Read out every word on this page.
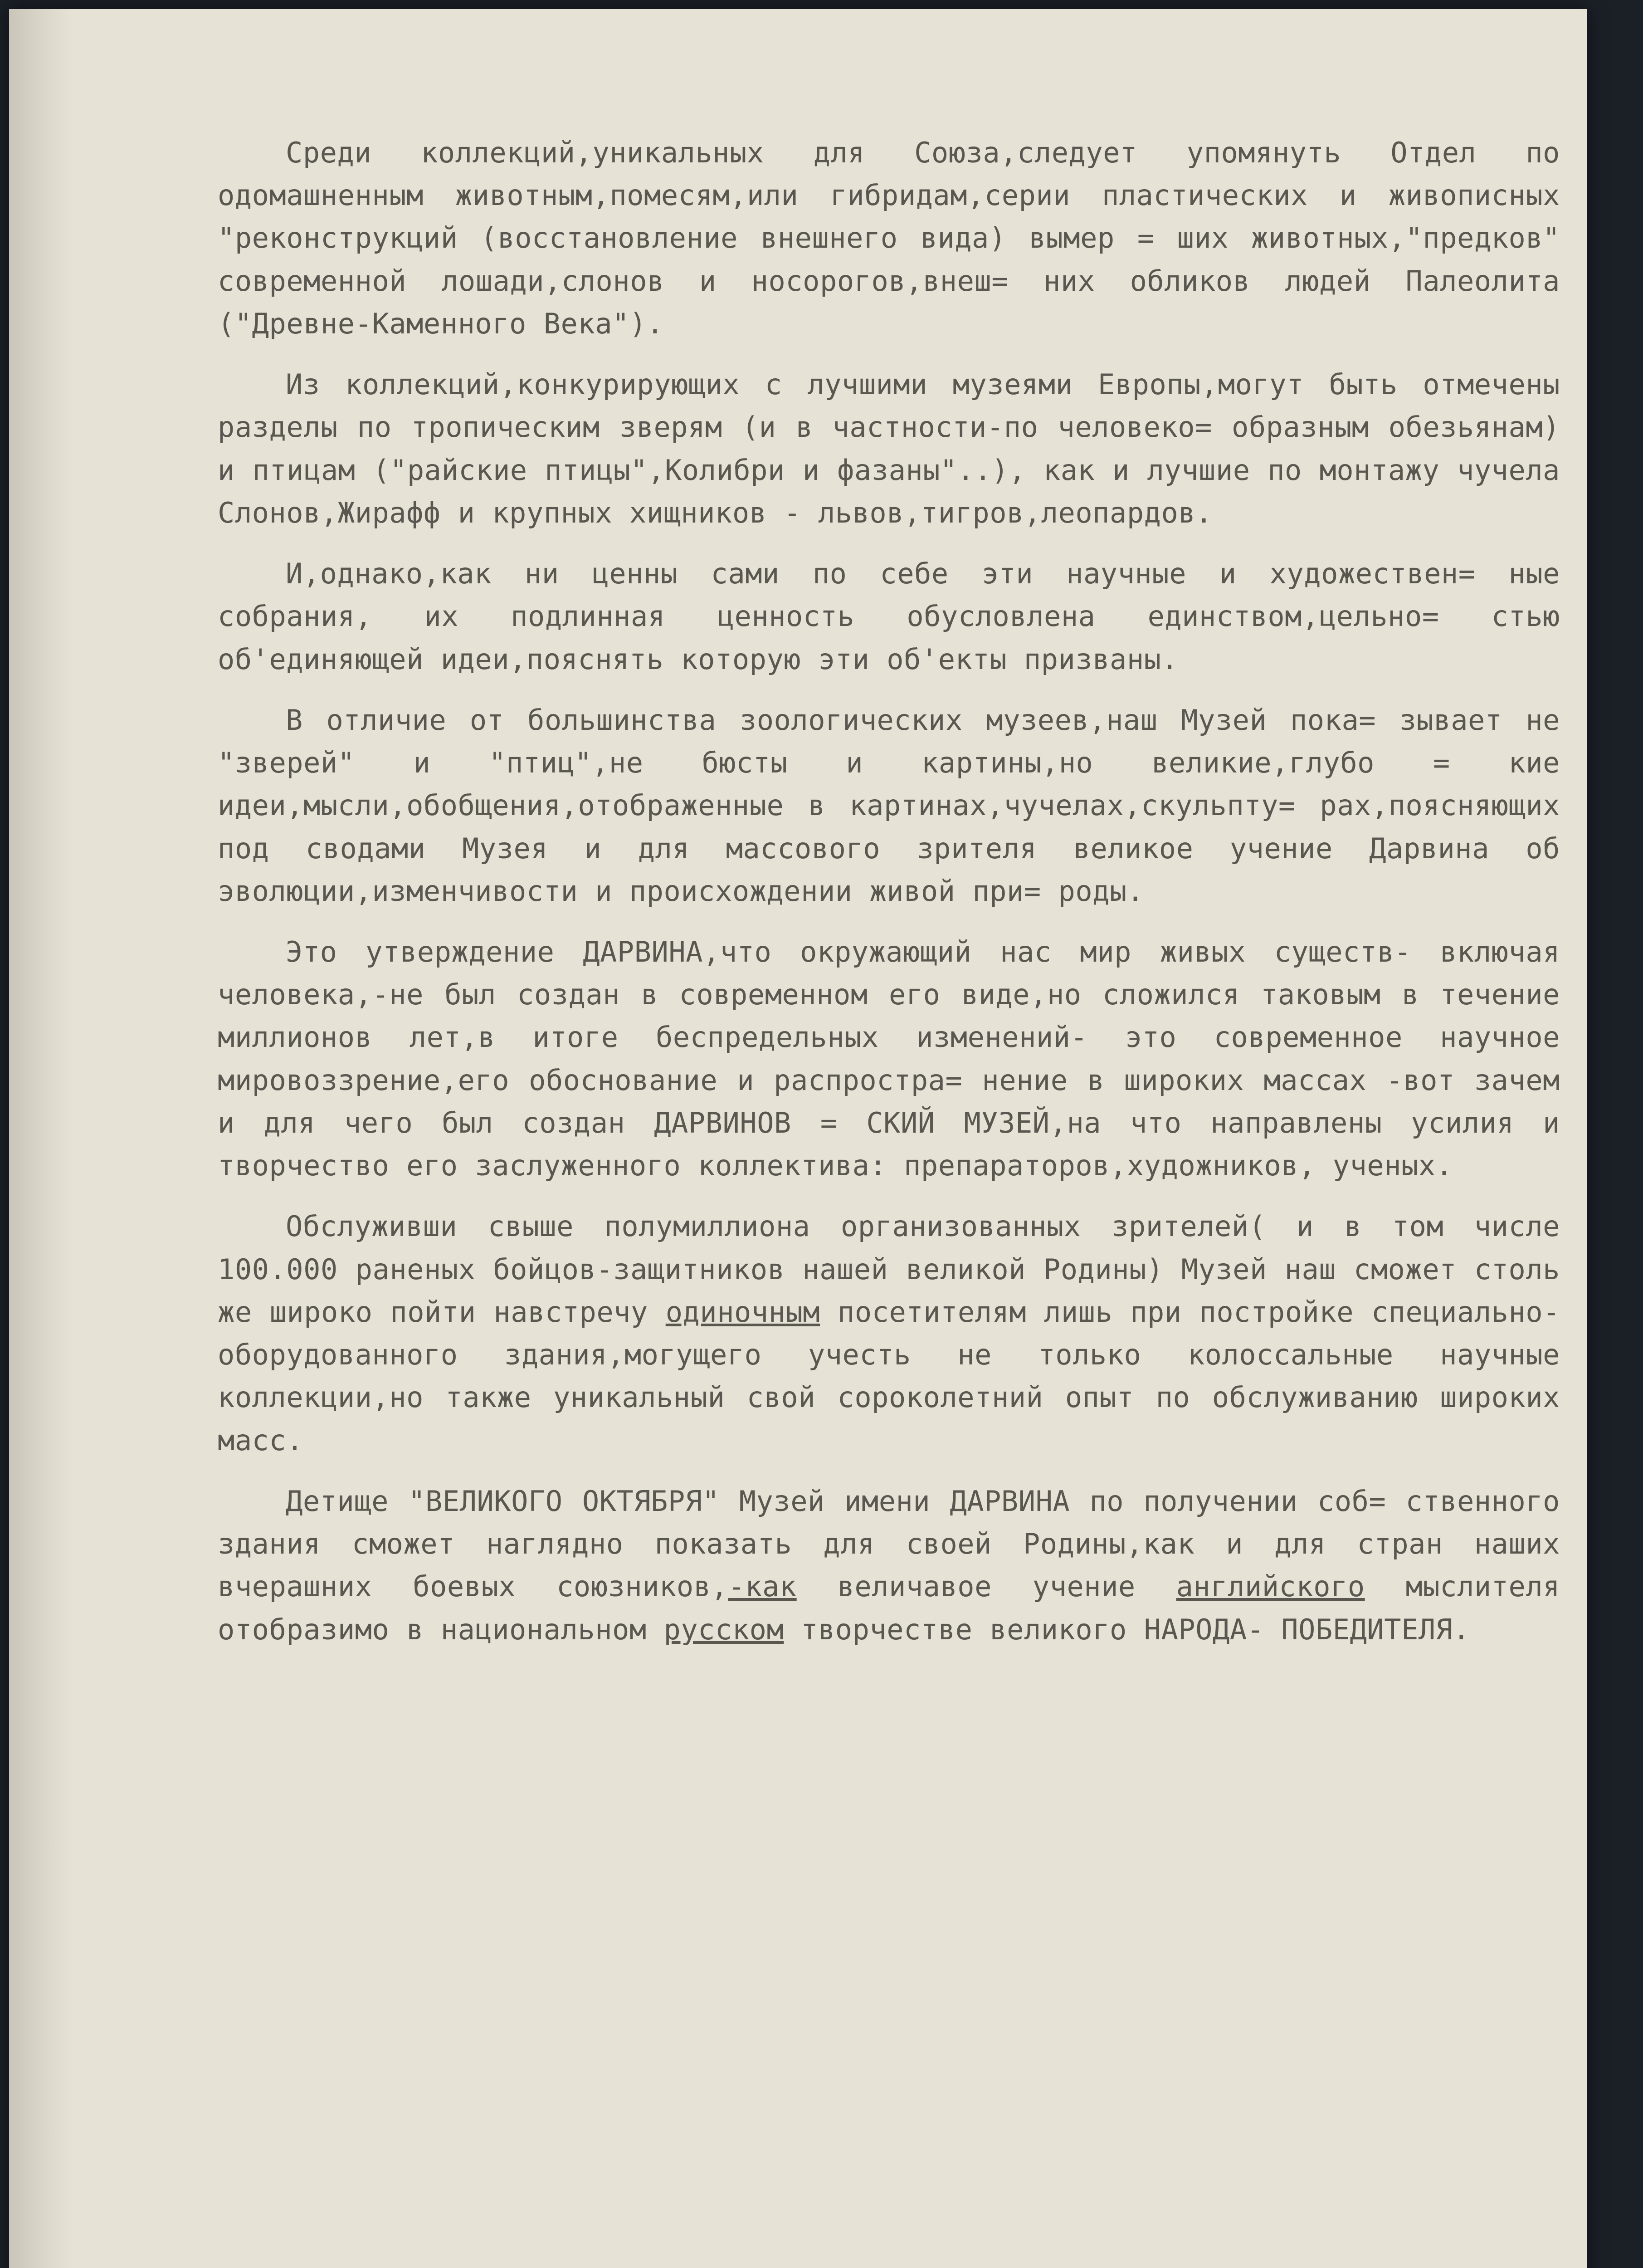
Среди коллекций,уникальных для Союза,следует упомянуть Отдел по одомашненным животным,помесям,или гибридам,серии пластических и живописных "реконструкций (восстановление внешнего вида) вымер = ших животных,"предков" современной лошади,слонов и носорогов,внеш= них обликов людей Палеолита ("Древне-Каменного Века").

Из коллекций,конкурирующих с лучшими музеями Европы,могут быть отмечены разделы по тропическим зверям (и в частности-по человеко= образным обезьянам) и птицам ("райские птицы",Колибри и фазаны"..), как и лучшие по монтажу чучела Слонов,Жирафф и крупных хищников - львов,тигров,леопардов.

И,однако,как ни ценны сами по себе эти научные и художествен= ные собрания, их подлинная ценность обусловлена единством,цельно= стью об'единяющей идеи,пояснять которую эти об'екты призваны.

В отличие от большинства зоологических музеев,наш Музей пока= зывает не "зверей" и "птиц",не бюсты и картины,но великие,глубо = кие идеи,мысли,обобщения,отображенные в картинах,чучелах,скульпту= рах,поясняющих под сводами Музея и для массового зрителя великое учение Дарвина об эволюции,изменчивости и происхождении живой при= роды.

Это утверждение ДАРВИНА,что окружающий нас мир живых существ- включая человека,-не был создан в современном его виде,но сложился таковым в течение миллионов лет,в итоге беспредельных изменений- это современное научное мировоззрение,его обоснование и распростра= нение в широких массах -вот зачем и для чего был создан ДАРВИНОВ = СКИЙ МУЗЕЙ,на что направлены усилия и творчество его заслуженного коллектива: препараторов,художников, ученых.

Обслуживши свыше полумиллиона организованных зрителей( и в том числе 100.000 раненых бойцов-защитников нашей великой Родины) Музей наш сможет столь же широко пойти навстречу одиночным посетителям лишь при постройке специально-оборудованного здания,могущего учесть не только колоссальные научные коллекции,но также уникальный свой сороколетний опыт по обслуживанию широких масс.

Детище "ВЕЛИКОГО ОКТЯБРЯ" Музей имени ДАРВИНА по получении соб= ственного здания сможет наглядно показать для своей Родины,как и для стран наших вчерашних боевых союзников,-как величавое учение английского мыслителя отобразимо в национальном русском творчестве великого НАРОДА- ПОБЕДИТЕЛЯ.
